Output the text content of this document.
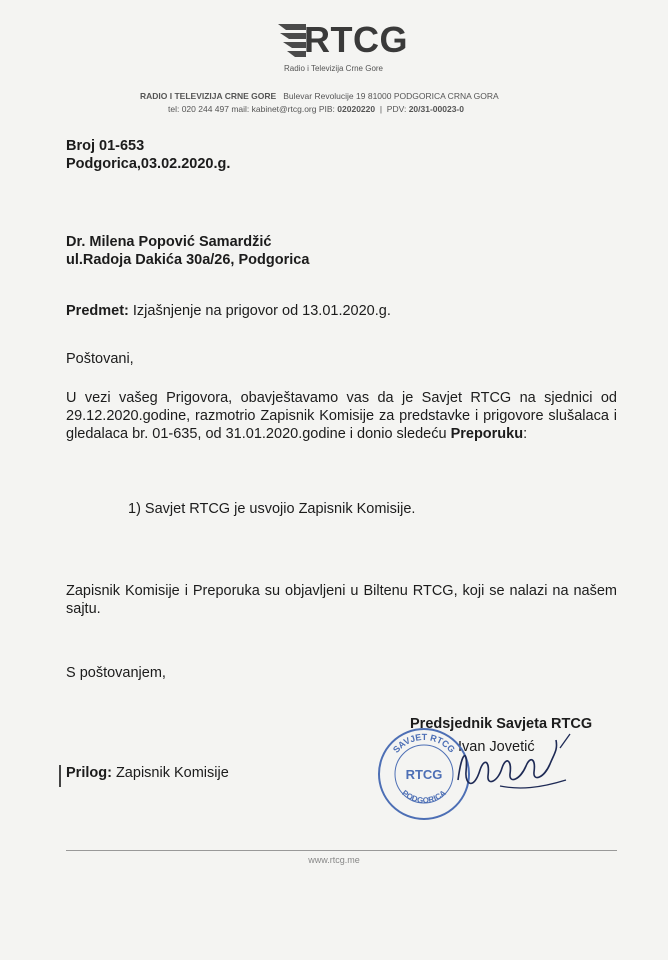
RTCG
Radio i Televizija Crne Gore
RADIO I TELEVIZIJA CRNE GORE Bulevar Revolucije 19 81000 PODGORICA CRNA GORA
tel: 020 244 497 mail: kabinet@rtcg.org PIB: 02020220  |  PDV: 20/31-00023-0
Broj 01-653
Podgorica,03.02.2020.g.
Dr. Milena Popović Samardžić
ul.Radoja Dakića 30a/26, Podgorica
Predmet: Izjašnjenje na prigovor od 13.01.2020.g.
Poštovani,
U vezi vašeg Prigovora, obavještavamo vas da je Savjet RTCG na sjednici od 29.12.2020.godine, razmotrio Zapisnik Komisije za predstavke i prigovore slušalaca i gledalaca br. 01-635, od 31.01.2020.godine i donio sledeću Preporuku:
1) Savjet RTCG je usvojio Zapisnik Komisije.
Zapisnik Komisije i Preporuka su objavljeni u Biltenu RTCG, koji se nalazi na našem sajtu.
S poštovanjem,
Predsjednik Savjeta RTCG
Ivan Jovetić
SAVJET RTCG
RTCG
PODGORICA
Prilog: Zapisnik Komisije
www.rtcg.me
